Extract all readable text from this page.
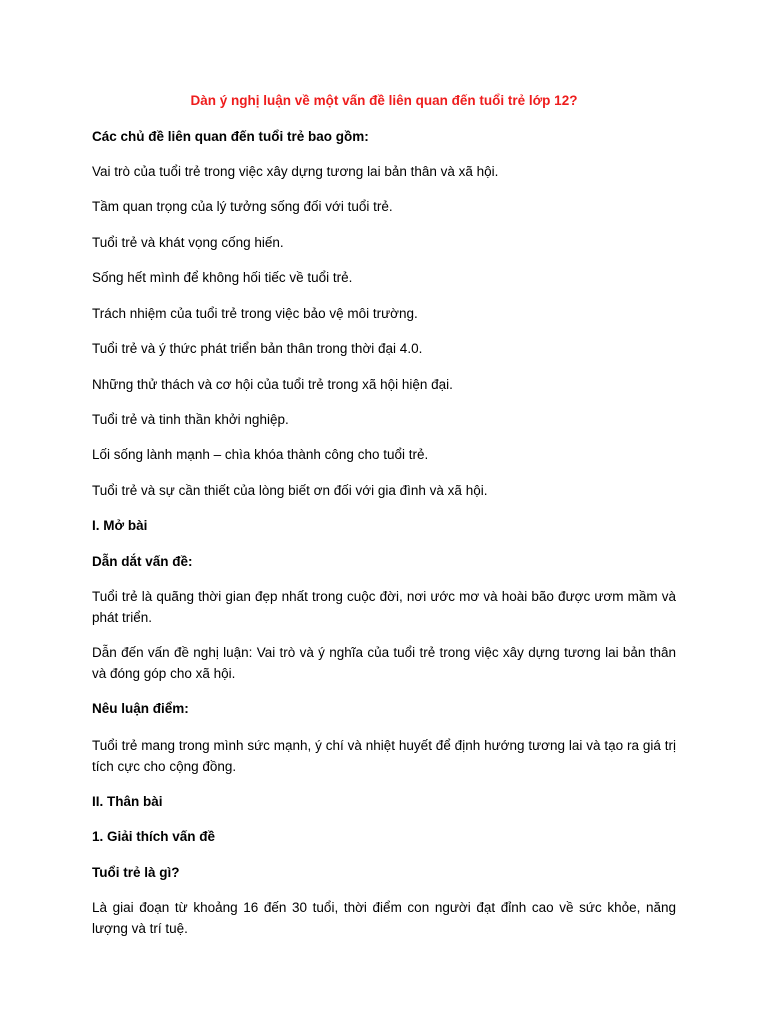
Dàn ý nghị luận về một vấn đề liên quan đến tuổi trẻ lớp 12?
Các chủ đề liên quan đến tuổi trẻ bao gồm:
Vai trò của tuổi trẻ trong việc xây dựng tương lai bản thân và xã hội.
Tầm quan trọng của lý tưởng sống đối với tuổi trẻ.
Tuổi trẻ và khát vọng cống hiến.
Sống hết mình để không hối tiếc về tuổi trẻ.
Trách nhiệm của tuổi trẻ trong việc bảo vệ môi trường.
Tuổi trẻ và ý thức phát triển bản thân trong thời đại 4.0.
Những thử thách và cơ hội của tuổi trẻ trong xã hội hiện đại.
Tuổi trẻ và tinh thần khởi nghiệp.
Lối sống lành mạnh – chìa khóa thành công cho tuổi trẻ.
Tuổi trẻ và sự cần thiết của lòng biết ơn đối với gia đình và xã hội.
I. Mở bài
Dẫn dắt vấn đề:
Tuổi trẻ là quãng thời gian đẹp nhất trong cuộc đời, nơi ước mơ và hoài bão được ươm mầm và phát triển.
Dẫn đến vấn đề nghị luận: Vai trò và ý nghĩa của tuổi trẻ trong việc xây dựng tương lai bản thân và đóng góp cho xã hội.
Nêu luận điểm:
Tuổi trẻ mang trong mình sức mạnh, ý chí và nhiệt huyết để định hướng tương lai và tạo ra giá trị tích cực cho cộng đồng.
II. Thân bài
1. Giải thích vấn đề
Tuổi trẻ là gì?
Là giai đoạn từ khoảng 16 đến 30 tuổi, thời điểm con người đạt đỉnh cao về sức khỏe, năng lượng và trí tuệ.
